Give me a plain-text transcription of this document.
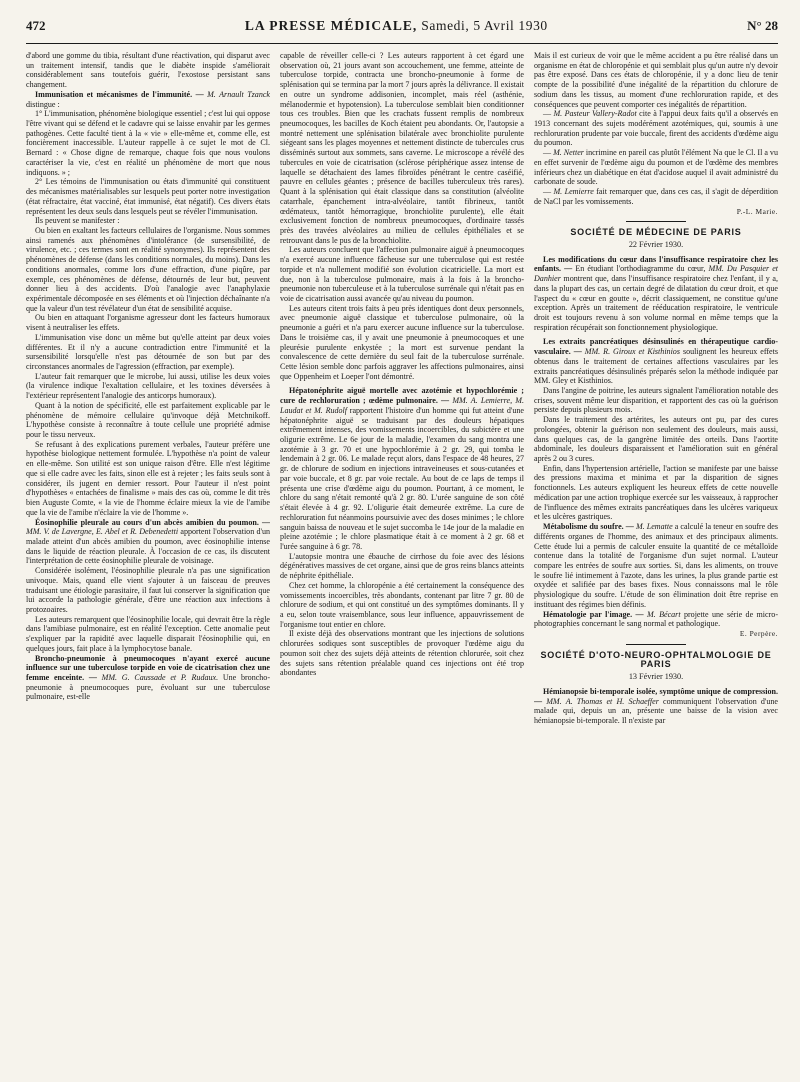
472	LA PRESSE MÉDICALE, Samedi, 5 Avril 1930	N° 28

d'abord une gomme du tibia, résultant d'une réactivation, qui disparut avec un traitement intensif, tandis que le diabète inspide s'améliorait considérablement sans toutefois guérir, l'exostose persistant sans changement.

Immunisation et mécanismes de l'immunité. — M. Arnault Tzanck distingue :

1° L'immunisation, phénomène biologique essentiel ; c'est lui qui oppose l'être vivant qui se défend et le cadavre qui se laisse envahir par les germes pathogènes. Cette faculté tient à la « vie » elle-même et, comme elle, est foncièrement inaccessible. L'auteur rappelle à ce sujet le mot de Cl. Bernard : « Chose digne de remarque, chaque fois que nous voulons caractériser la vie, c'est en réalité un phénomène de mort que nous indiquons. » ;

2° Les témoins de l'immunisation ou états d'immunité qui constituent des mécanismes matérialisables sur lesquels peut porter notre investigation (état réfractaire, état vacciné, état immunisé, état négatif). Ces divers états représentent les deux seuls dans lesquels peut se révéler l'immunisation.

Ils peuvent se manifester :

Ou bien en exaltant les facteurs cellulaires de l'organisme. Nous sommes ainsi ramenés aux phénomènes d'intolérance (de sursensibilité, de virulence, etc. ; ces termes sont en réalité synonymes). Ils représentent des phénomènes de défense (dans les conditions normales, du moins). Dans les conditions anormales, comme lors d'une effraction, d'une piqûre, par exemple, ces phénomènes de défense, détournés de leur but, peuvent donner lieu à des accidents. D'où l'analogie avec l'anaphylaxie expérimentale décomposée en ses éléments et où l'injection déchaînante n'a que la valeur d'un test révélateur d'un état de sensibilité acquise.

Ou bien en attaquant l'organisme agresseur dont les facteurs humoraux visent à neutraliser les effets.

L'immunisation vise donc un même but qu'elle atteint par deux voies différentes. Et il n'y a aucune contradiction entre l'immunité et la sursensibilité lorsqu'elle n'est pas détournée de son but par des circonstances anormales de l'agression (effraction, par exemple).

L'auteur fait remarquer que le microbe, lui aussi, utilise les deux voies (la virulence indique l'exaltation cellulaire, et les toxines déversées à l'extérieur représentent l'analogie des anticorps humoraux).

Quant à la notion de spécificité, elle est parfaitement explicable par le phénomène de mémoire cellulaire qu'invoque déjà Metchnikoff. L'hypothèse consiste à reconnaître à toute cellule une propriété admise pour le tissu nerveux.

Se refusant à des explications purement verbales, l'auteur préfère une hypothèse biologique nettement formulée. L'hypothèse n'a point de valeur en elle-même. Son utilité est son unique raison d'être. Elle n'est légitime que si elle cadre avec les faits, sinon elle est à rejeter ; les faits seuls sont à considérer, ils jugent en dernier ressort. Pour l'auteur il n'est point d'hypothèses « entachées de finalisme » mais des cas où, comme le dit très bien Auguste Comte, « la vie de l'homme éclaire mieux la vie de l'amibe que la vie de l'amibe n'éclaire la vie de l'homme ».

Éosinophilie pleurale au cours d'un abcès amibien du poumon. — MM. V. de Lavergne, E. Abel et R. Debenedetti apportent l'observation d'un malade atteint d'un abcès amibien du poumon, avec éosinophilie intense dans le liquide de réaction pleurale. À l'occasion de ce cas, ils discutent l'interprétation de cette éosinophilie pleurale de voisinage.

Considérée isolément, l'éosinophilie pleurale n'a pas une signification univoque. Mais, quand elle vient s'ajouter à un faisceau de preuves traduisant une étiologie parasitaire, il faut lui conserver la signification que lui accorde la pathologie générale, d'être une réaction aux infections à protozoaires.

Les auteurs remarquent que l'éosinophilie locale, qui devrait être la règle dans l'amibiase pulmonaire, est en réalité l'exception. Cette anomalie peut s'expliquer par la rapidité avec laquelle disparait l'éosinophilie qui, en quelques jours, fait place à la lymphocytose banale.

Broncho-pneumonie à pneumocoques n'ayant exercé aucune influence sur une tuberculose torpide en voie de cicatrisation chez une femme enceinte. — MM. G. Caussade et P. Rudaux. Une broncho-pneumonie à pneumocoques pure, évoluant sur une tuberculose pulmonaire, est-elle

capable de réveiller celle-ci ? Les auteurs rapportent à cet égard une observation où, 21 jours avant son accouchement, une femme, atteinte de tuberculose torpide, contracta une broncho-pneumonie à forme de splénisation qui se termina par la mort 7 jours après la délivrance. Il existait en outre un syndrome addisonien, incomplet, mais réel (asthénie, mélanodermie et hypotension). La tuberculose semblait bien conditionner tous ces troubles. Bien que les crachats fussent remplis de nombreux pneumocoques, les bacilles de Koch étaient peu abondants. Or, l'autopsie a montré nettement une splénisation bilatérale avec bronchiolite purulente siégeant sans les plages moyennes et nettement distincte de tubercules crus disséminés surtout aux sommets, sans caverne. Le microscope a révélé des tubercules en voie de cicatrisation (sclérose périphérique assez intense de laquelle se détachaient des lames fibroïdes pénétrant le centre caséifié, pauvre en cellules géantes ; présence de bacilles tuberculeux très rares). Quant à la splénisation qui était classique dans sa constitution (alvéolite catarrhale, épanchement intra-alvéolaire, tantôt fibrineux, tantôt œdémateux, tantôt hémorragique, bronchiolite purulente), elle était exclusivement fonction de nombreux pneumocoques, d'ordinaire tassés près des travées alvéolaires au milieu de cellules épithéliales et se retrouvant dans le pus de la bronchiolite.

Les auteurs concluent que l'affection pulmonaire aiguë à pneumocoques n'a exercé aucune influence fâcheuse sur une tuberculose qui est restée torpide et n'a nullement modifié son évolution cicatricielle. La mort est due, non à la tuberculose pulmonaire, mais à la fois à la broncho-pneumonie non tuberculeuse et à la tuberculose surrénale qui n'était pas en voie de cicatrisation aussi avancée qu'au niveau du poumon.

Les auteurs citent trois faits à peu près identiques dont deux personnels, avec pneumonie aiguë classique et tuberculose pulmonaire, où la pneumonie a guéri et n'a paru exercer aucune influence sur la tuberculose. Dans le troisième cas, il y avait une pneumonie à pneumocoques et une pleurésie purulente enkystée ; la mort est survenue pendant la convalescence de cette dernière du seul fait de la tuberculose surrénale. Cette lésion semble donc parfois aggraver les affections pulmonaires, ainsi que Oppenheim et Loeper l'ont démontré.

Hépatonéphrite aiguë mortelle avec azotémie et hypochlorémie ; cure de rechloruration ; œdème pulmonaire. — MM. A. Lemierre, M. Laudat et M. Rudolf rapportent l'histoire d'un homme qui fut atteint d'une hépatonéphrite aiguë se traduisant par des douleurs hépatiques extrêmement intenses, des vomissements incoercibles, du subictère et une oligurie extrême. Le 6e jour de la maladie, l'examen du sang montra une azotémie à 3 gr. 70 et une hypochlorémie à 2 gr. 29, qui tomba le lendemain à 2 gr. 06. Le malade reçut alors, dans l'espace de 48 heures, 27 gr. de chlorure de sodium en injections intraveineuses et sous-cutanées et par voie buccale, et 8 gr. par voie rectale. Au bout de ce laps de temps il présenta une crise d'œdème aigu du poumon. Pourtant, à ce moment, le chlore du sang n'était remonté qu'à 2 gr. 80. L'urée sanguine de son côté s'était élevée à 4 gr. 92. L'oligurie était demeurée extrême. La cure de rechloruration fut néanmoins poursuivie avec des doses minimes ; le chlore sanguin baissa de nouveau et le sujet succomba le 14e jour de la maladie en pleine azotémie ; le chlore plasmatique était à ce moment à 2 gr. 68 et l'urée sanguine à 6 gr. 78.

L'autopsie montra une ébauche de cirrhose du foie avec des lésions dégénératives massives de cet organe, ainsi que de gros reins blancs atteints de néphrite épithéliale.

Chez cet homme, la chloropénie a été certainement la conséquence des vomissements incoercibles, très abondants, contenant par litre 7 gr. 80 de chlorure de sodium, et qui ont constitué un des symptômes dominants. Il y a eu, selon toute vraisemblance, sous leur influence, appauvrissement de l'organisme tout entier en chlore.

Il existe déjà des observations montrant que les injections de solutions chlorurées sodiques sont susceptibles de provoquer l'œdème aigu du poumon soit chez des sujets déjà atteints de rétention chlorurée, soit chez des sujets sans rétention préalable quand ces injections ont été trop abondantes

Mais il est curieux de voir que le même accident a pu être réalisé dans un organisme en état de chloropénie et qui semblait plus qu'un autre n'y devoir pas être exposé. Dans ces états de chloropénie, il y a donc lieu de tenir compte de la possibilité d'une inégalité de la répartition du chlorure de sodium dans les tissus, au moment d'une rechloruration rapide, et des conséquences que peuvent comporter ces inégalités de répartition.

— M. Pasteur Vallery-Radot cite à l'appui deux faits qu'il a observés en 1913 concernant des sujets modérément azotémiques, qui, soumis à une rechloruration prudente par voie buccale, firent des accidents d'œdème aigu du poumon.

— M. Netter incrimine en pareil cas plutôt l'élément Na que le Cl. Il a vu en effet survenir de l'œdème aigu du poumon et de l'œdème des membres inférieurs chez un diabétique en état d'acidose auquel il avait administré du carbonate de soude.

— M. Lemierre fait remarquer que, dans ces cas, il s'agit de déperdition de NaCl par les vomissements.

P.-L. Marie.

SOCIÉTÉ DE MÉDECINE DE PARIS
22 Février 1930.

Les modifications du cœur dans l'insuffisance respiratoire chez les enfants. — En étudiant l'orthodiagramme du cœur, MM. Du Pasquier et Danhier montrent que, dans l'insuffisance respiratoire chez l'enfant, il y a, dans la plupart des cas, un certain degré de dilatation du cœur droit, et que l'aspect du « cœur en goutte », décrit classiquement, ne constitue qu'une exception. Après un traitement de rééducation respiratoire, le ventricule droit est toujours revenu à son volume normal en même temps que la respiration récupérait son fonctionnement physiologique.

Les extraits pancréatiques désinsulinés en thérapeutique cardio-vasculaire. — MM. R. Giroux et Kisthinios soulignent les heureux effets obtenus dans le traitement de certaines affections vasculaires par les extraits pancréatiques désinsulinés préparés selon la méthode indiquée par MM. Gley et Kisthinios.

Dans l'angine de poitrine, les auteurs signalent l'amélioration notable des crises, souvent même leur disparition, et rapportent des cas où la guérison persiste depuis plusieurs mois.

Dans le traitement des artérites, les auteurs ont pu, par des cures prolongées, obtenir la guérison non seulement des douleurs, mais aussi, dans quelques cas, de la gangrène limitée des orteils. Dans l'aortite abdominale, les douleurs disparaissent et l'amélioration suit en général après 2 ou 3 cures.

Enfin, dans l'hypertension artérielle, l'action se manifeste par une baisse des pressions maxima et minima et par la disparition de signes fonctionnels. Les auteurs expliquent les heureux effets de cette nouvelle médication par une action trophique exercée sur les vaisseaux, à rapprocher de l'influence des mêmes extraits pancréatiques dans les ulcères variqueux et les ulcères gastriques.

Métabolisme du soufre. — M. Lematte a calculé la teneur en soufre des différents organes de l'homme, des animaux et des principaux aliments. Cette étude lui a permis de calculer ensuite la quantité de ce métalloïde contenue dans la totalité de l'organisme d'un sujet normal. L'auteur compare les entrées de soufre aux sorties. Si, dans les aliments, on trouve le soufre lié intimement à l'azote, dans les urines, la plus grande partie est oxydée et salifiée par des bases fixes. Nous connaissons mal le rôle physiologique du soufre. L'étude de son élimination doit être reprise en instituant des régimes bien définis.

Hématologie par l'image. — M. Bécart projette une série de micro-photographies concernant le sang normal et pathologique.

E. Perpère.

SOCIÉTÉ D'OTO-NEURO-OPHTALMOLOGIE DE PARIS
13 Février 1930.

Hémianopsie bi-temporale isolée, symptôme unique de compression. — MM. A. Thomas et H. Schaeffer communiquent l'observation d'une malade qui, depuis un an, présente une baisse de la vision avec hémianopsie bi-temporale. Il n'existe par
